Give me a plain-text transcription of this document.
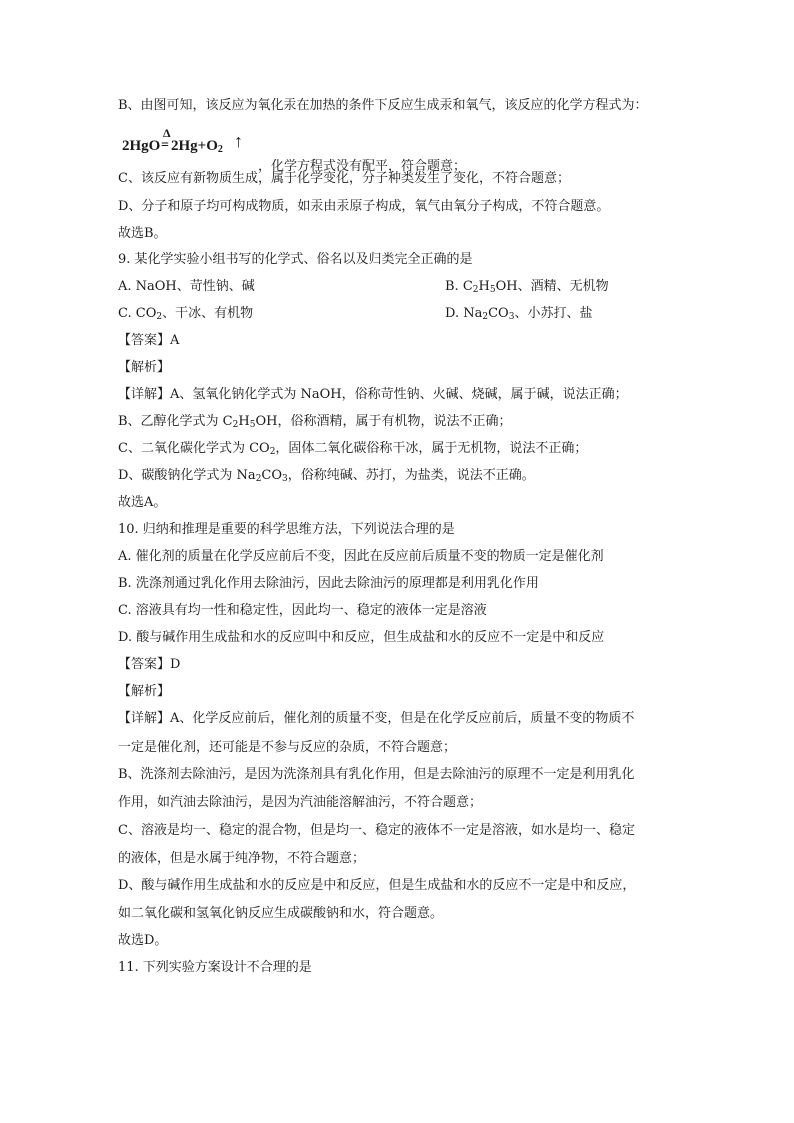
B、由图可知，该反应为氧化汞在加热的条件下反应生成汞和氧气，该反应的化学方程式为：
2HgO
Δ
= $2Hg+O_2$ ↑
，化学方程式没有配平，符合题意；
C、该反应有新物质生成，属于化学变化，分子种类发生了变化，不符合题意；
D、分子和原子均可构成物质，如汞由汞原子构成，氧气由氧分子构成，不符合题意。
故选B。
9. 某化学实验小组书写的化学式、俗名以及归类完全正确的是
A. NaOH、苛性钠、碱	B. $C_2H_5OH$、酒精、无机物
C. $CO_2$、干冰、有机物	D. $Na_2CO_3$、小苏打、盐
【答案】A
【解析】
【详解】A、氢氧化钠化学式为 NaOH，俗称苛性钠、火碱、烧碱，属于碱，说法正确；
B、乙醇化学式为 $C_2H_5OH$，俗称酒精，属于有机物，说法不正确；
C、二氧化碳化学式为 $CO_2$，固体二氧化碳俗称干冰，属于无机物，说法不正确；
D、碳酸钠化学式为 $Na_2CO_3$，俗称纯碱、苏打，为盐类，说法不正确。
故选A。
10. 归纳和推理是重要的科学思维方法，下列说法合理的是
A. 催化剂的质量在化学反应前后不变，因此在反应前后质量不变的物质一定是催化剂
B. 洗涤剂通过乳化作用去除油污，因此去除油污的原理都是利用乳化作用
C. 溶液具有均一性和稳定性，因此均一、稳定的液体一定是溶液
D. 酸与碱作用生成盐和水的反应叫中和反应，但生成盐和水的反应不一定是中和反应
【答案】D
【解析】
【详解】A、化学反应前后，催化剂的质量不变，但是在化学反应前后，质量不变的物质不
一定是催化剂，还可能是不参与反应的杂质，不符合题意；
B、洗涤剂去除油污，是因为洗涤剂具有乳化作用，但是去除油污的原理不一定是利用乳化
作用，如汽油去除油污，是因为汽油能溶解油污，不符合题意；
C、溶液是均一、稳定的混合物，但是均一、稳定的液体不一定是溶液，如水是均一、稳定
的液体，但是水属于纯净物，不符合题意；
D、酸与碱作用生成盐和水的反应是中和反应，但是生成盐和水的反应不一定是中和反应，
如二氧化碳和氢氧化钠反应生成碳酸钠和水，符合题意。
故选D。
11. 下列实验方案设计不合理的是
